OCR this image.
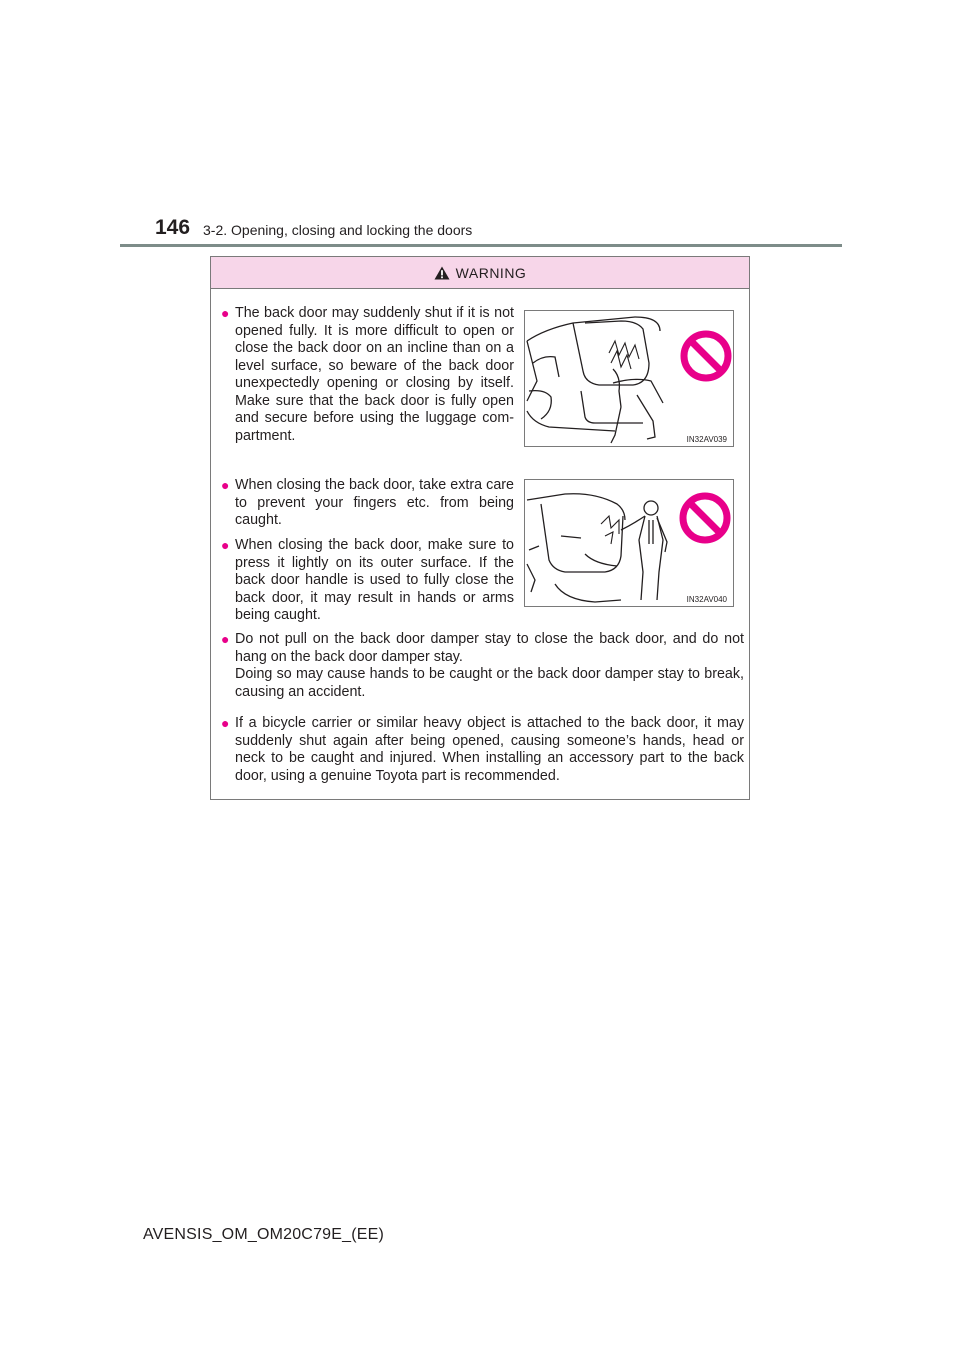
146 3-2. Opening, closing and locking the doors
WARNING
● The back door may suddenly shut if it is not opened fully. It is more difficult to open or close the back door on an incline than on a level surface, so beware of the back door unexpectedly opening or closing by itself. Make sure that the back door is fully open and secure before using the luggage com-partment.

● When closing the back door, take extra care to prevent your fingers etc. from being caught.

● When closing the back door, make sure to press it lightly on its outer surface. If the back door handle is used to fully close the back door, it may result in hands or arms being caught.

● Do not pull on the back door damper stay to close the back door, and do not hang on the back door damper stay.

Doing so may cause hands to be caught or the back door damper stay to break, causing an accident.

● If a bicycle carrier or similar heavy object is attached to the back door, it may suddenly shut again after being opened, causing someone’s hands, head or neck to be caught and injured. When installing an accessory part to the back door, using a genuine Toyota part is recommended.

IN32AV039
IN32AV040
AVENSIS_OM_OM20C79E_(EE)
